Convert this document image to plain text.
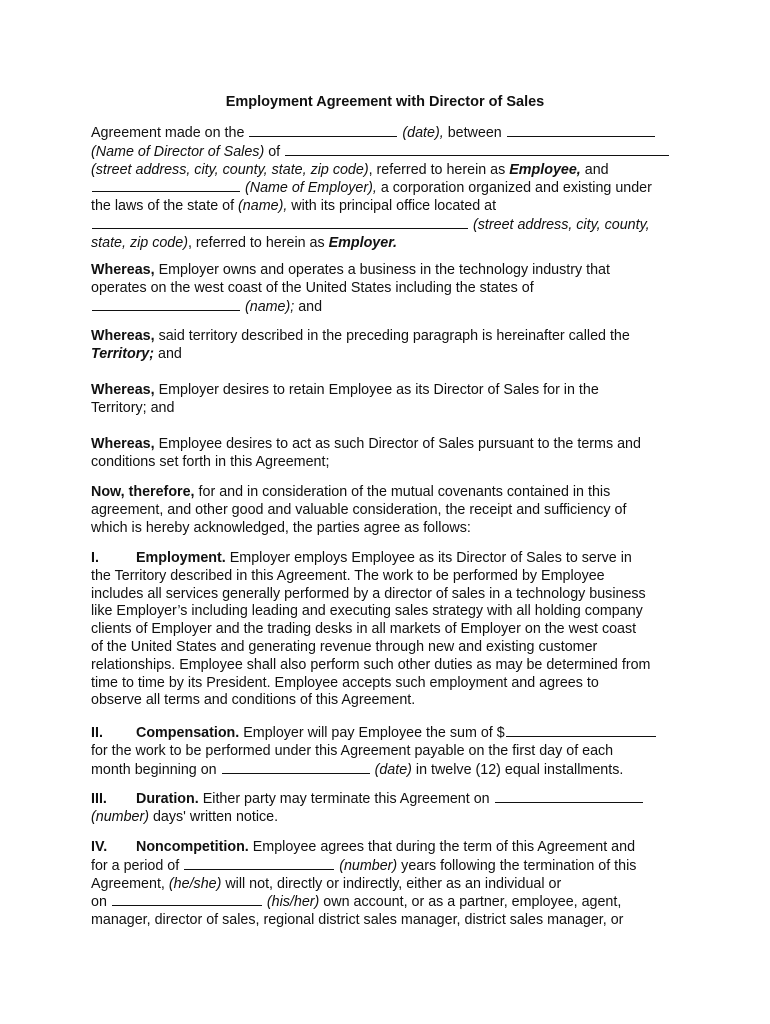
Employment Agreement with Director of Sales
Agreement made on the	(date), between
(Name of Director of Sales) of
(street address, city, county, state, zip code), referred to herein as Employee, and
(Name of Employer), a corporation organized and existing under
the laws of the state of (name), with its principal office located at
(street address, city, county,
state, zip code), referred to herein as Employer.
Whereas, Employer owns and operates a business in the technology industry that
operates on the west coast of the United States including the states of
(name); and
Whereas, said territory described in the preceding paragraph is hereinafter called the
Territory; and
Whereas, Employer desires to retain Employee as its Director of Sales for in the
Territory; and
Whereas, Employee desires to act as such Director of Sales pursuant to the terms and
conditions set forth in this Agreement;
Now, therefore, for and in consideration of the mutual covenants contained in this
agreement, and other good and valuable consideration, the receipt and sufficiency of
which is hereby acknowledged, the parties agree as follows:
I.	Employment. Employer employs Employee as its Director of Sales to serve in
the Territory described in this Agreement. The work to be performed by Employee
includes all services generally performed by a director of sales in a technology business
like Employer’s including leading and executing sales strategy with all holding company
clients of Employer and the trading desks in all markets of Employer on the west coast
of the United States and generating revenue through new and existing customer
relationships. Employee shall also perform such other duties as may be determined from
time to time by its President. Employee accepts such employment and agrees to
observe all terms and conditions of this Agreement.
II. Compensation. Employer will pay Employee the sum of $
for the work to be performed under this Agreement payable on the first day of each
month beginning on	(date) in twelve (12) equal installments.
III. Duration. Either party may terminate this Agreement on
(number) days' written notice.
IV. Noncompetition. Employee agrees that during the term of this Agreement and
for a period of	(number) years following the termination of this
Agreement, (he/she) will not, directly or indirectly, either as an individual or
on	(his/her) own account, or as a partner, employee, agent,
manager, director of sales, regional district sales manager, district sales manager, or
